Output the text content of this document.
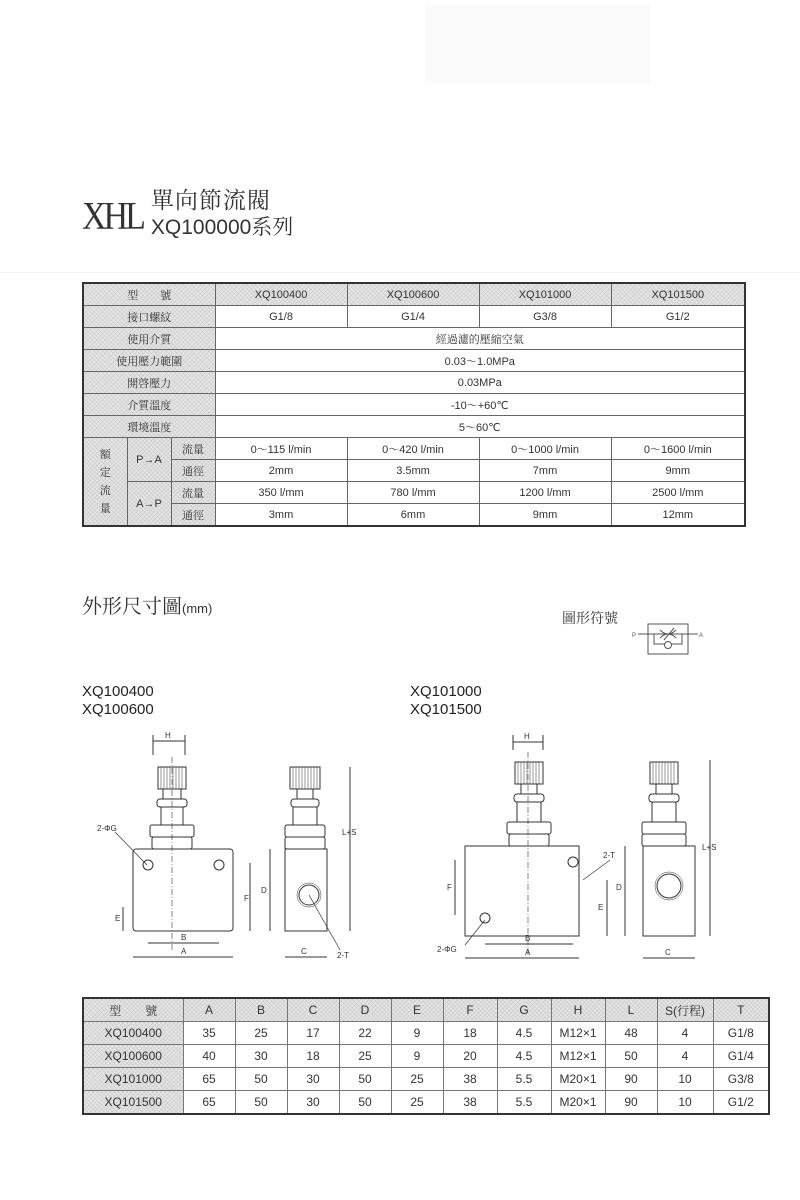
XHL 單向節流閥
XQ100000系列
型　　號			XQ100400	XQ100600	XQ101000	XQ101500
接口螺紋			G1/8	G1/4	G3/8	G1/2
使用介質			經過濾的壓縮空氣			
使用壓力範圍			0.03～1.0MPa			
開啓壓力			0.03MPa			
介質溫度			-10～+60℃			
環境溫度			5～60℃			
額
定
流
量	P→A	流量	0～115 l/min	0～420 l/min	0～1000 l/min	0～1600 l/min
		通徑	2mm	3.5mm	7mm	9mm
	A→P	流量	350 l/mm	780 l/mm	1200 l/mm	2500 l/mm
		通徑	3mm	6mm	9mm	12mm
外形尺寸圖(mm)
圖形符號
P	A
XQ100400
XQ100600
XQ101000
XQ101500
H
2-ΦG
E
F
B
A
D
L+S
C	2-T
H
F
E
2-T
2-ΦG
B
A
D
L+S
C
型　　號	A	B	C	D	E	F	G	H	L	S(行程)	T
XQ100400	35	25	17	22	9	18	4.5	M12×1	48	4	G1/8
XQ100600	40	30	18	25	9	20	4.5	M12×1	50	4	G1/4
XQ101000	65	50	30	50	25	38	5.5	M20×1	90	10	G3/8
XQ101500	65	50	30	50	25	38	5.5	M20×1	90	10	G1/2
